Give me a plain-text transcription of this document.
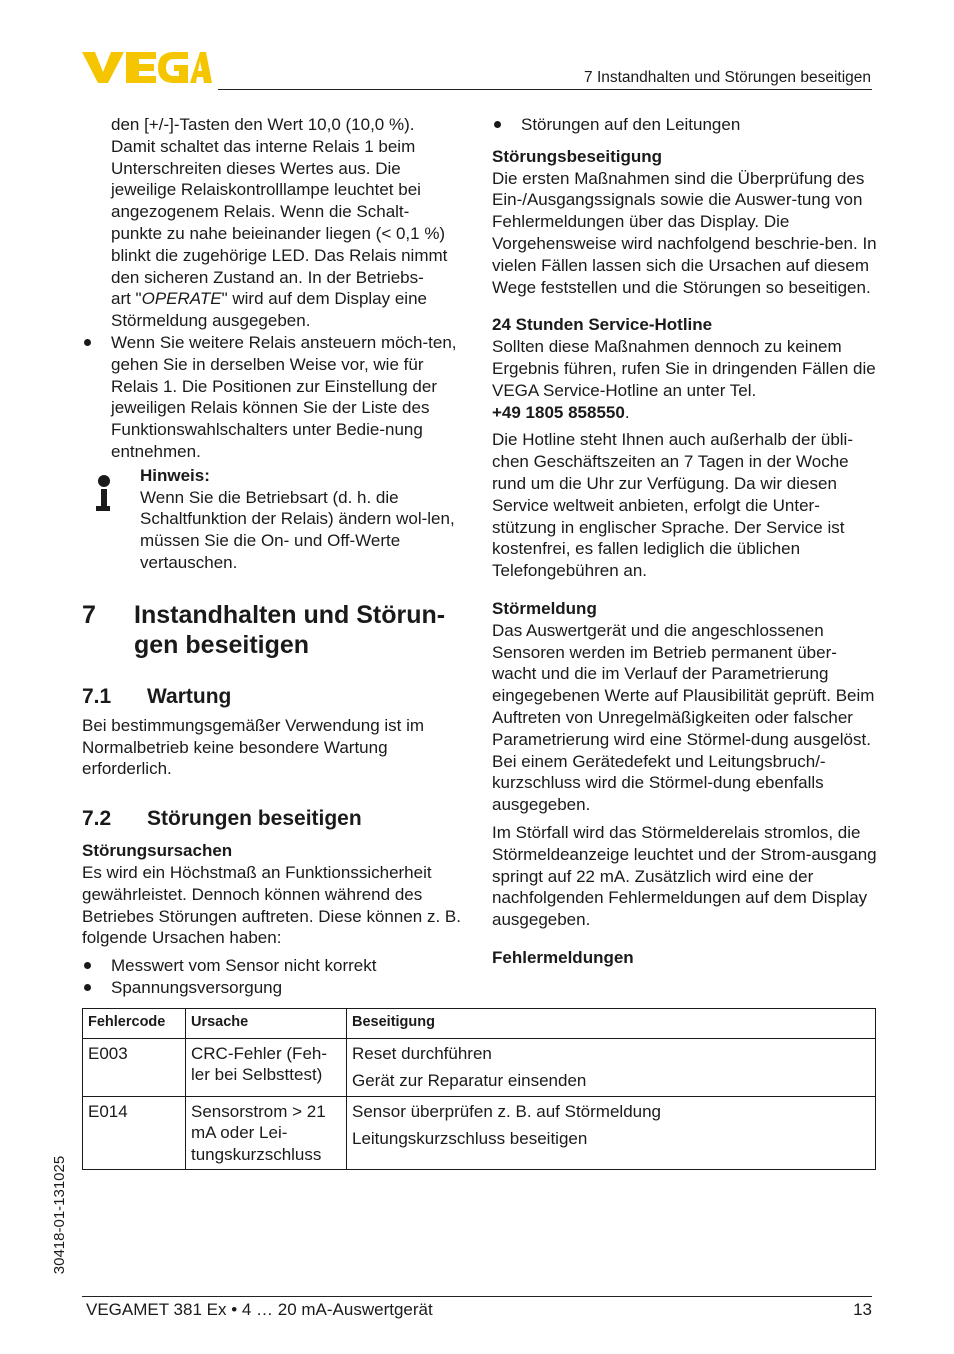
7 Instandhalten und Störungen beseitigen
den [+/-]-Tasten den Wert 10,0 (10,0 %).
Damit schaltet das interne Relais 1 beim
Unterschreiten dieses Wertes aus. Die
jeweilige Relaiskontrolllampe leuchtet bei
angezogenem Relais. Wenn die Schalt-
punkte zu nahe beieinander liegen (< 0,1 %)
blinkt die zugehörige LED. Das Relais nimmt
den sicheren Zustand an. In der Betriebs-
art "OPERATE" wird auf dem Display eine
Störmeldung ausgegeben.
Wenn Sie weitere Relais ansteuern möch-ten, gehen Sie in derselben Weise vor, wie für Relais 1. Die Positionen zur Einstellung der jeweiligen Relais können Sie der Liste des Funktionswahlschalters unter Bedie-nung entnehmen.
Hinweis:
Wenn Sie die Betriebsart (d. h. die Schaltfunktion der Relais) ändern wol-len, müssen Sie die On- und Off-Werte vertauschen.
7	Instandhalten und Störun-gen beseitigen
7.1	Wartung

Bei bestimmungsgemäßer Verwendung ist im Normalbetrieb keine besondere Wartung erforderlich.

7.2	Störungen beseitigen
Störungsursachen

Es wird ein Höchstmaß an Funktionssicherheit gewährleistet. Dennoch können während des Betriebes Störungen auftreten. Diese können z. B. folgende Ursachen haben:

Messwert vom Sensor nicht korrekt
Spannungsversorgung
Störungen auf den Leitungen
Störungsbeseitigung

Die ersten Maßnahmen sind die Überprüfung des Ein-/Ausgangssignals sowie die Auswer-tung von Fehlermeldungen über das Display. Die Vorgehensweise wird nachfolgend beschrie-ben. In vielen Fällen lassen sich die Ursachen auf diesem Wege feststellen und die Störungen so beseitigen.

24 Stunden Service-Hotline

Sollten diese Maßnahmen dennoch zu keinem Ergebnis führen, rufen Sie in dringenden Fällen die VEGA Service-Hotline an unter Tel.
+49 1805 858550.

Die Hotline steht Ihnen auch außerhalb der übli-chen Geschäftszeiten an 7 Tagen in der Woche rund um die Uhr zur Verfügung. Da wir diesen Service weltweit anbieten, erfolgt die Unter-stützung in englischer Sprache. Der Service ist kostenfrei, es fallen lediglich die üblichen Telefongebühren an.

Störmeldung

Das Auswertgerät und die angeschlossenen Sensoren werden im Betrieb permanent über-wacht und die im Verlauf der Parametrierung eingegebenen Werte auf Plausibilität geprüft. Beim Auftreten von Unregelmäßigkeiten oder falscher Parametrierung wird eine Störmel-dung ausgelöst. Bei einem Gerätedefekt und Leitungsbruch/-kurzschluss wird die Störmel-dung ebenfalls ausgegeben.

Im Störfall wird das Störmelderelais stromlos, die Störmeldeanzeige leuchtet und der Strom-ausgang springt auf 22 mA. Zusätzlich wird eine der nachfolgenden Fehlermeldungen auf dem Display ausgegeben.

Fehlermeldungen
Fehlercode	Ursache	Beseitigung
E003	CRC-Fehler (Feh-ler bei Selbsttest)	Reset durchführen
Gerät zur Reparatur einsenden

E014	Sensorstrom > 21 mA oder Lei-tungskurzschluss	Sensor überprüfen z. B. auf Störmeldung
Leitungskurzschluss beseitigen
30418-01-131025
VEGAMET 381 Ex • 4 … 20 mA-Auswertgerät	13
